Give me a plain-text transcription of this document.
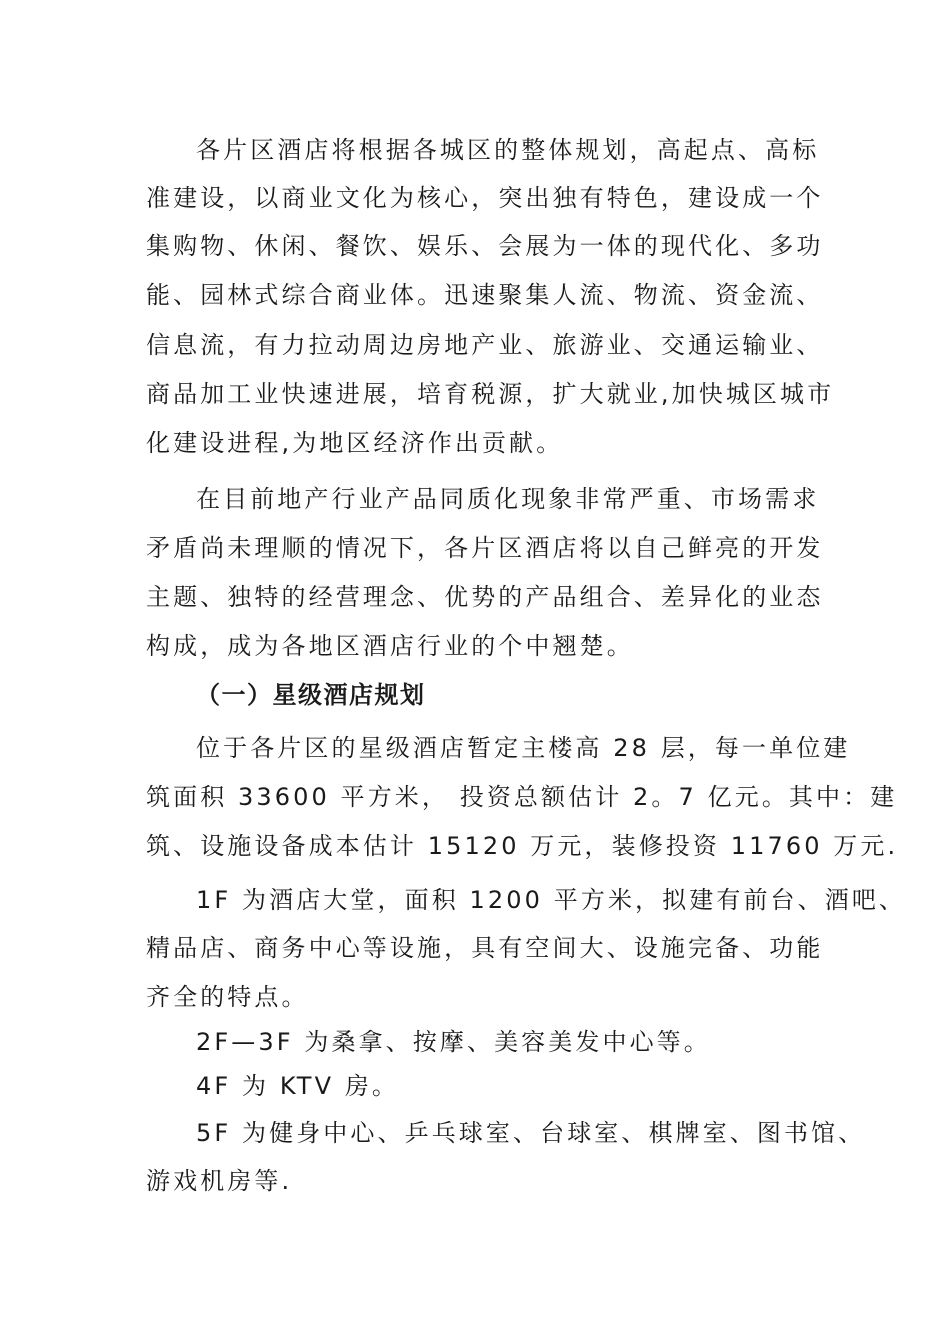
各片区酒店将根据各城区的整体规划，高起点、高标
准建设，以商业文化为核心，突出独有特色，建设成一个
集购物、休闲、餐饮、娱乐、会展为一体的现代化、多功
能、园林式综合商业体。迅速聚集人流、物流、资金流、
信息流，有力拉动周边房地产业、旅游业、交通运输业、
商品加工业快速进展，培育税源，扩大就业,加快城区城市
化建设进程,为地区经济作出贡献。
在目前地产行业产品同质化现象非常严重、市场需求
矛盾尚未理顺的情况下，各片区酒店将以自己鲜亮的开发
主题、独特的经营理念、优势的产品组合、差异化的业态
构成，成为各地区酒店行业的个中翘楚。
（一）星级酒店规划
位于各片区的星级酒店暂定主楼高 28 层，每一单位建
筑面积 33600 平方米， 投资总额估计 2。7 亿元。其中：建
筑、设施设备成本估计 15120 万元，装修投资 11760 万元.
1F 为酒店大堂，面积 1200 平方米，拟建有前台、酒吧、
精品店、商务中心等设施，具有空间大、设施完备、功能
齐全的特点。
2F—3F 为桑拿、按摩、美容美发中心等。
4F 为 KTV 房。
5F 为健身中心、乒乓球室、台球室、棋牌室、图书馆、
游戏机房等.
